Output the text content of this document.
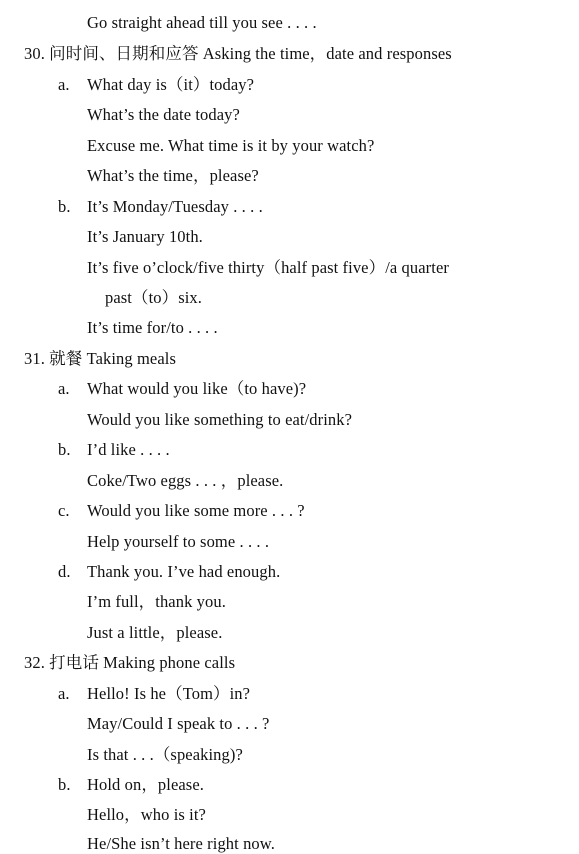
Go straight ahead till you see . . . .
30. 问时间、日期和应答 Asking the time，date and responses
a. What day is（it）today?
What’s the date today?
Excuse me. What time is it by your watch?
What’s the time，please?
b. It’s Monday/Tuesday . . . .
It’s January 10th.
It’s five o’clock/five thirty（half past five）/a quarter
past（to）six.
It’s time for/to . . . .
31. 就餐 Taking meals
a. What would you like（to have)?
Would you like something to eat/drink?
b. I’d like . . . .
Coke/Two eggs . . . ，please.
c. Would you like some more . . . ?
Help yourself to some . . . .
d. Thank you. I’ve had enough.
I’m full，thank you.
Just a little，please.
32. 打电话 Making phone calls
a. Hello! Is he（Tom）in?
May/Could I speak to . . . ?
Is that . . .（speaking)?
b. Hold on，please.
Hello，who is it?
He/She isn’t here right now.
